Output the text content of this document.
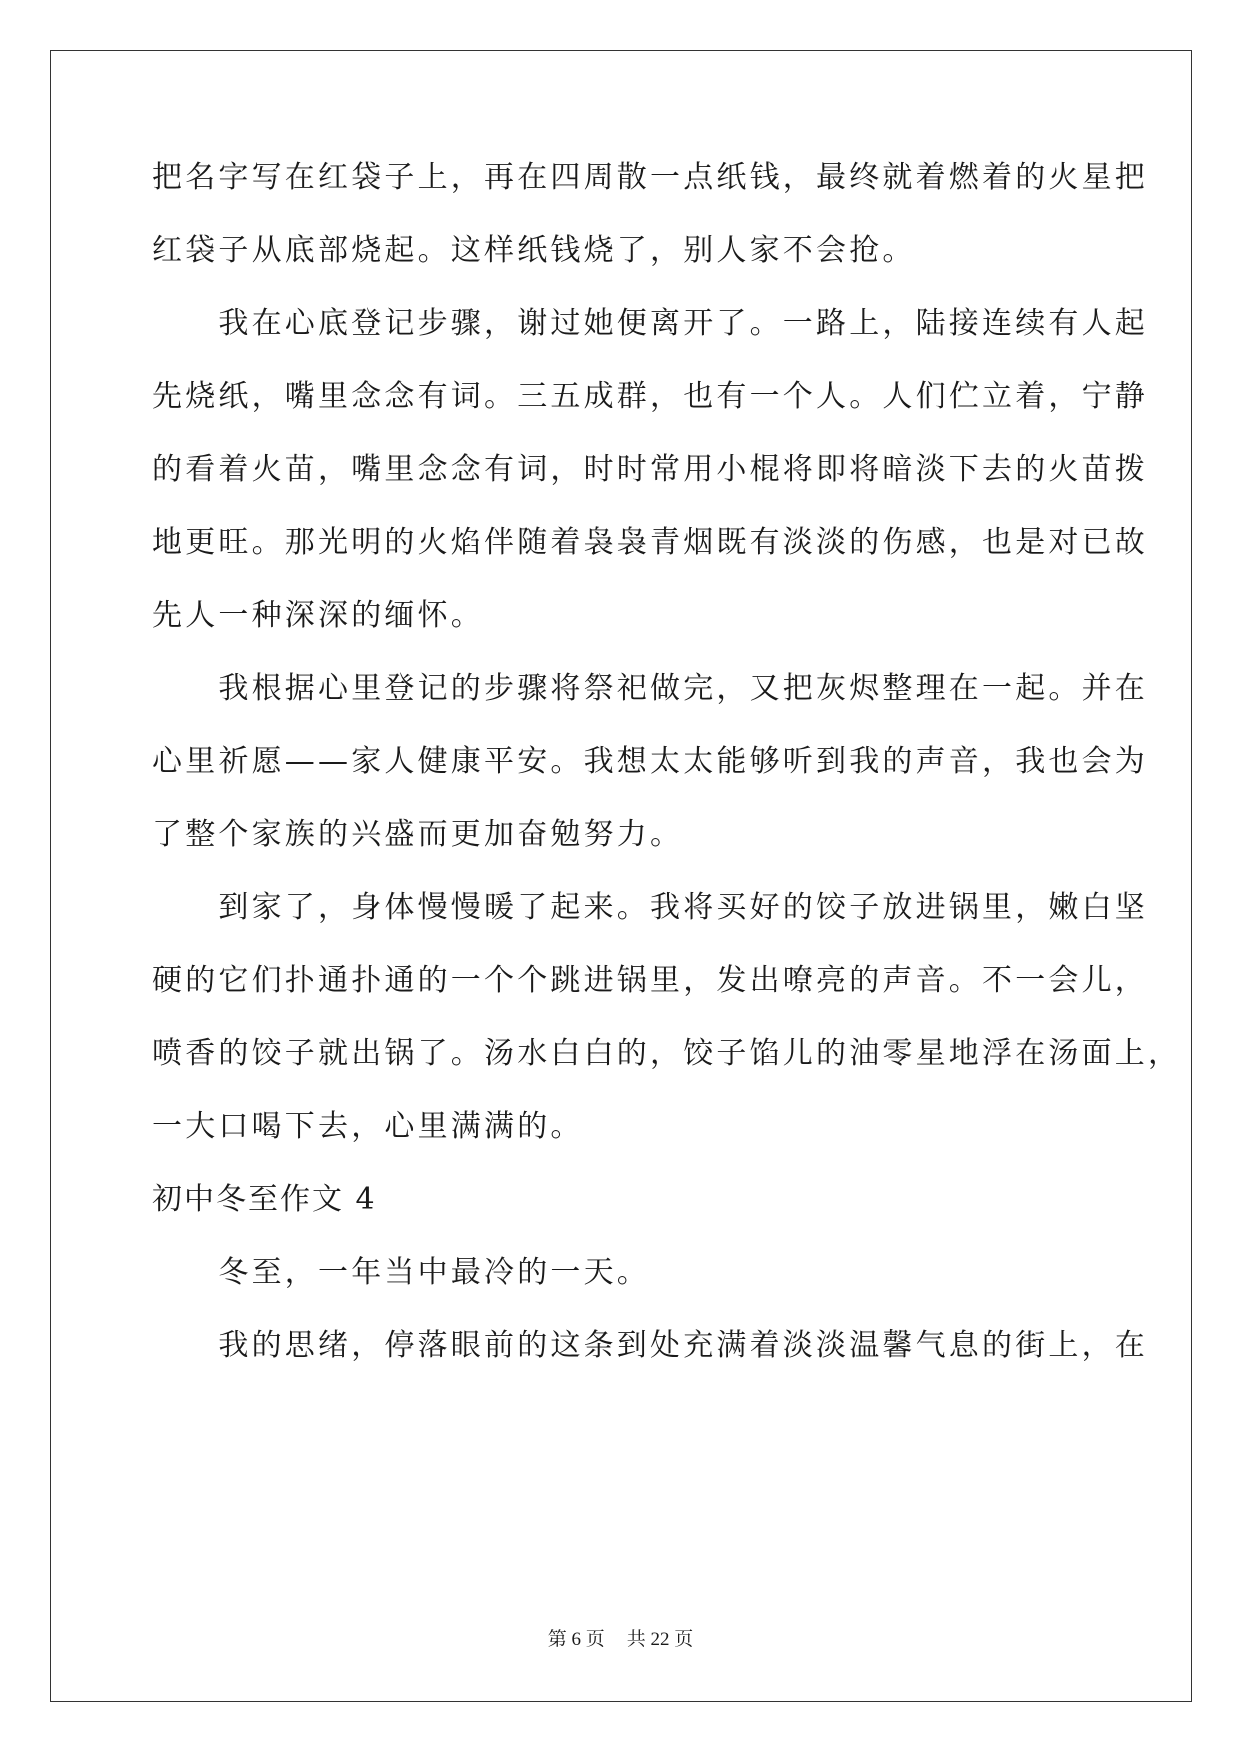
把名字写在红袋子上，再在四周散一点纸钱，最终就着燃着的火星把
红袋子从底部烧起。这样纸钱烧了，别人家不会抢。
　　我在心底登记步骤，谢过她便离开了。一路上，陆接连续有人起
先烧纸，嘴里念念有词。三五成群，也有一个人。人们伫立着，宁静
的看着火苗，嘴里念念有词，时时常用小棍将即将暗淡下去的火苗拨
地更旺。那光明的火焰伴随着袅袅青烟既有淡淡的伤感，也是对已故
先人一种深深的缅怀。
　　我根据心里登记的步骤将祭祀做完，又把灰烬整理在一起。并在
心里祈愿——家人健康平安。我想太太能够听到我的声音，我也会为
了整个家族的兴盛而更加奋勉努力。
　　到家了，身体慢慢暖了起来。我将买好的饺子放进锅里，嫩白坚
硬的它们扑通扑通的一个个跳进锅里，发出嘹亮的声音。不一会儿，
喷香的饺子就出锅了。汤水白白的，饺子馅儿的油零星地浮在汤面上，
一大口喝下去，心里满满的。
初中冬至作文 4
　　冬至，一年当中最冷的一天。
　　我的思绪，停落眼前的这条到处充满着淡淡温馨气息的街上，在
第 6 页 共 22 页
